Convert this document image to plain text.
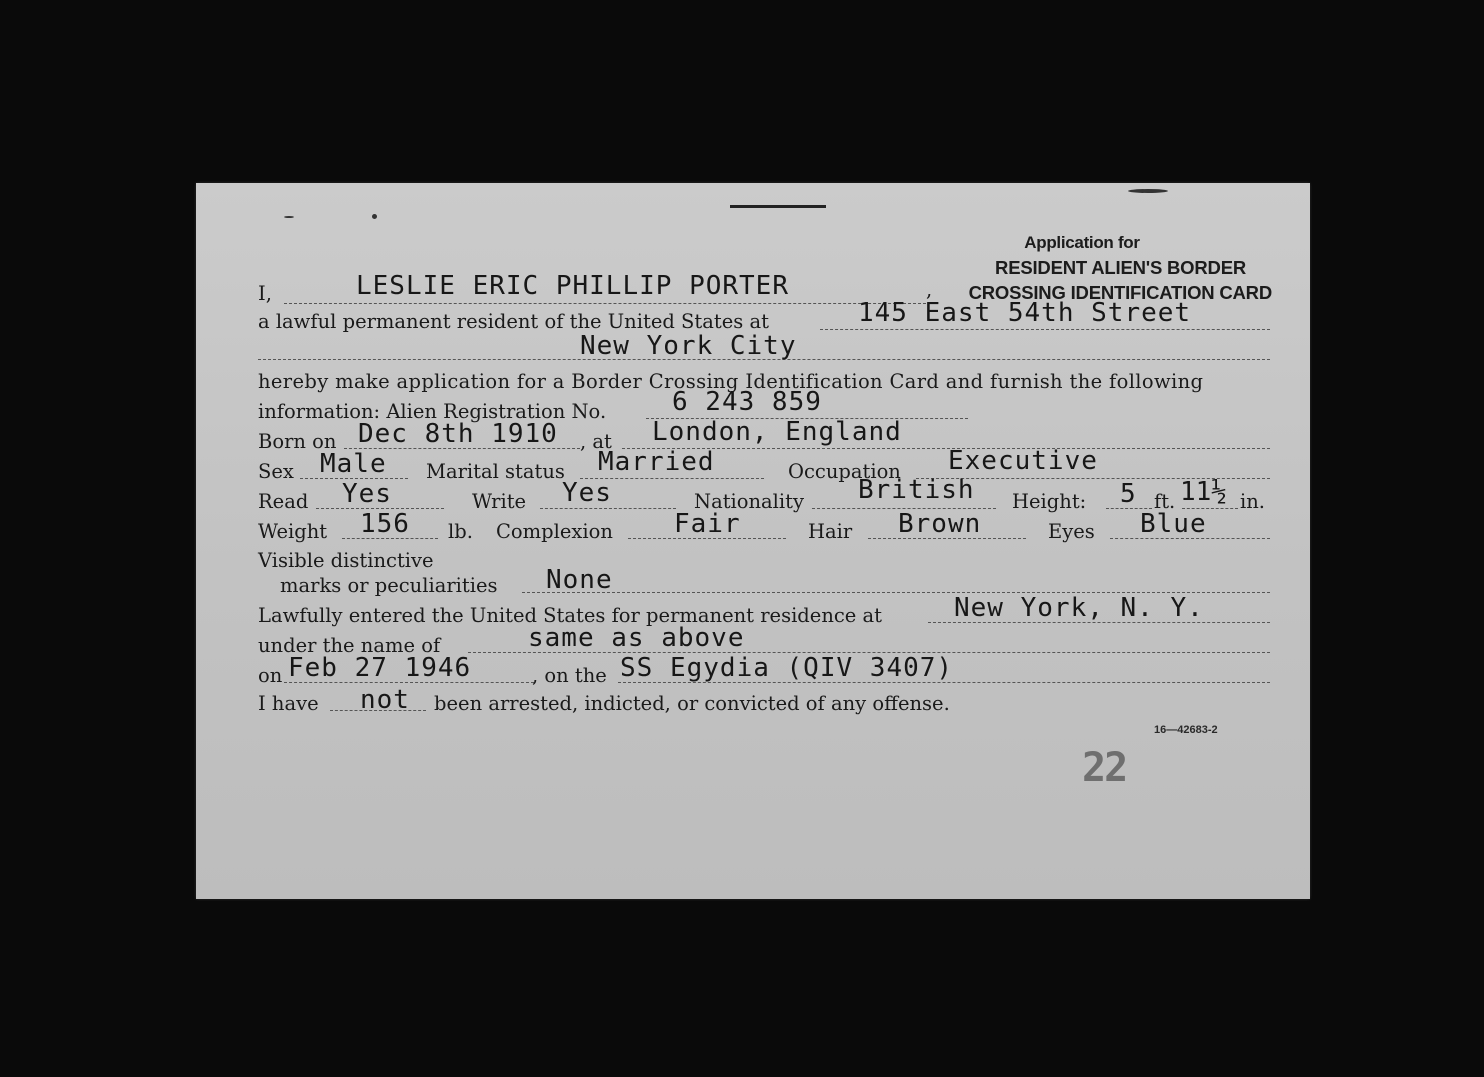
Application for
RESIDENT ALIEN'S BORDER
CROSSING IDENTIFICATION CARD
I,	LESLIE ERIC PHILLIP PORTER	,
a lawful permanent resident of the United States at	145 East 54th Street
New York City
hereby make application for a Border Crossing Identification Card and furnish the following
information: Alien Registration No.	6 243 859
Born on Dec 8th 1910 , at London, England
Sex Male Marital status Married	Occupation Executive
Read Yes	Write Yes	Nationality British Height: 5 ft. 11½ in.
Weight 156 lb. Complexion Fair	Hair Brown	Eyes Blue
Visible distinctive
marks or peculiarities None
Lawfully entered the United States for permanent residence at	New York, N. Y.
under the name of	same as above
on Feb 27 1946	, on the SS Egydia (QIV 3407)
I have not been arrested, indicted, or convicted of any offense.
16—42683-2
22
